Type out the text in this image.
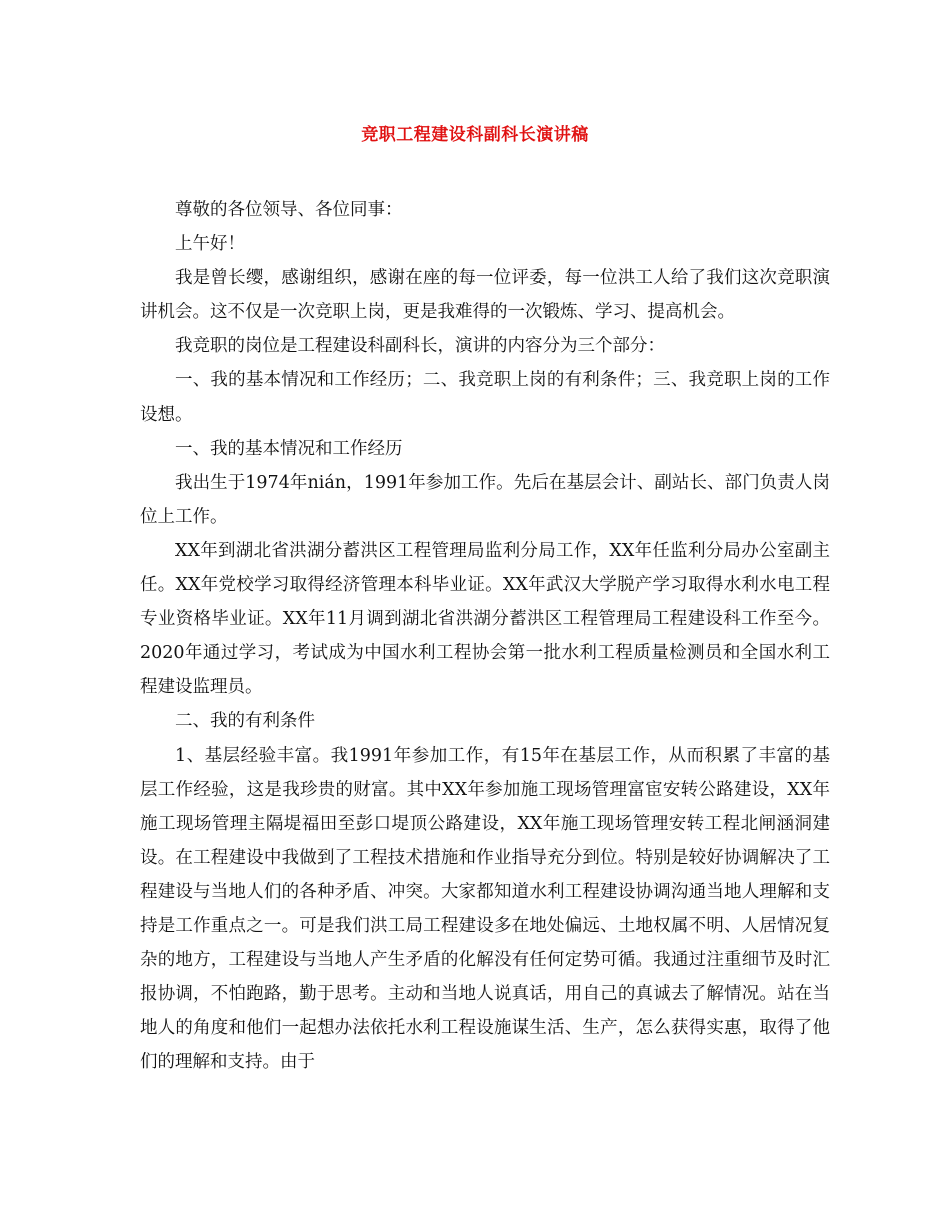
竞职工程建设科副科长演讲稿

尊敬的各位领导、各位同事：

上午好！

我是曾长缨，感谢组织，感谢在座的每一位评委，每一位洪工人给了我们这次竞职演讲机会。这不仅是一次竞职上岗，更是我难得的一次锻炼、学习、提高机会。

我竞职的岗位是工程建设科副科长，演讲的内容分为三个部分：

一、我的基本情况和工作经历；二、我竞职上岗的有利条件；三、我竞职上岗的工作设想。

一、我的基本情况和工作经历

我出生于1974年nián，1991年参加工作。先后在基层会计、副站长、部门负责人岗位上工作。

XX年到湖北省洪湖分蓄洪区工程管理局监利分局工作，XX年任监利分局办公室副主任。XX年党校学习取得经济管理本科毕业证。XX年武汉大学脱产学习取得水利水电工程专业资格毕业证。XX年11月调到湖北省洪湖分蓄洪区工程管理局工程建设科工作至今。2020年通过学习，考试成为中国水利工程协会第一批水利工程质量检测员和全国水利工程建设监理员。

二、我的有利条件

1、基层经验丰富。我1991年参加工作，有15年在基层工作，从而积累了丰富的基层工作经验，这是我珍贵的财富。其中XX年参加施工现场管理富宦安转公路建设，XX年施工现场管理主隔堤福田至彭口堤顶公路建设，XX年施工现场管理安转工程北闸涵洞建设。在工程建设中我做到了工程技术措施和作业指导充分到位。特别是较好协调解决了工程建设与当地人们的各种矛盾、冲突。大家都知道水利工程建设协调沟通当地人理解和支持是工作重点之一。可是我们洪工局工程建设多在地处偏远、土地权属不明、人居情况复杂的地方，工程建设与当地人产生矛盾的化解没有任何定势可循。我通过注重细节及时汇报协调，不怕跑路，勤于思考。主动和当地人说真话，用自己的真诚去了解情况。站在当地人的角度和他们一起想办法依托水利工程设施谋生活、生产，怎么获得实惠，取得了他们的理解和支持。由于
